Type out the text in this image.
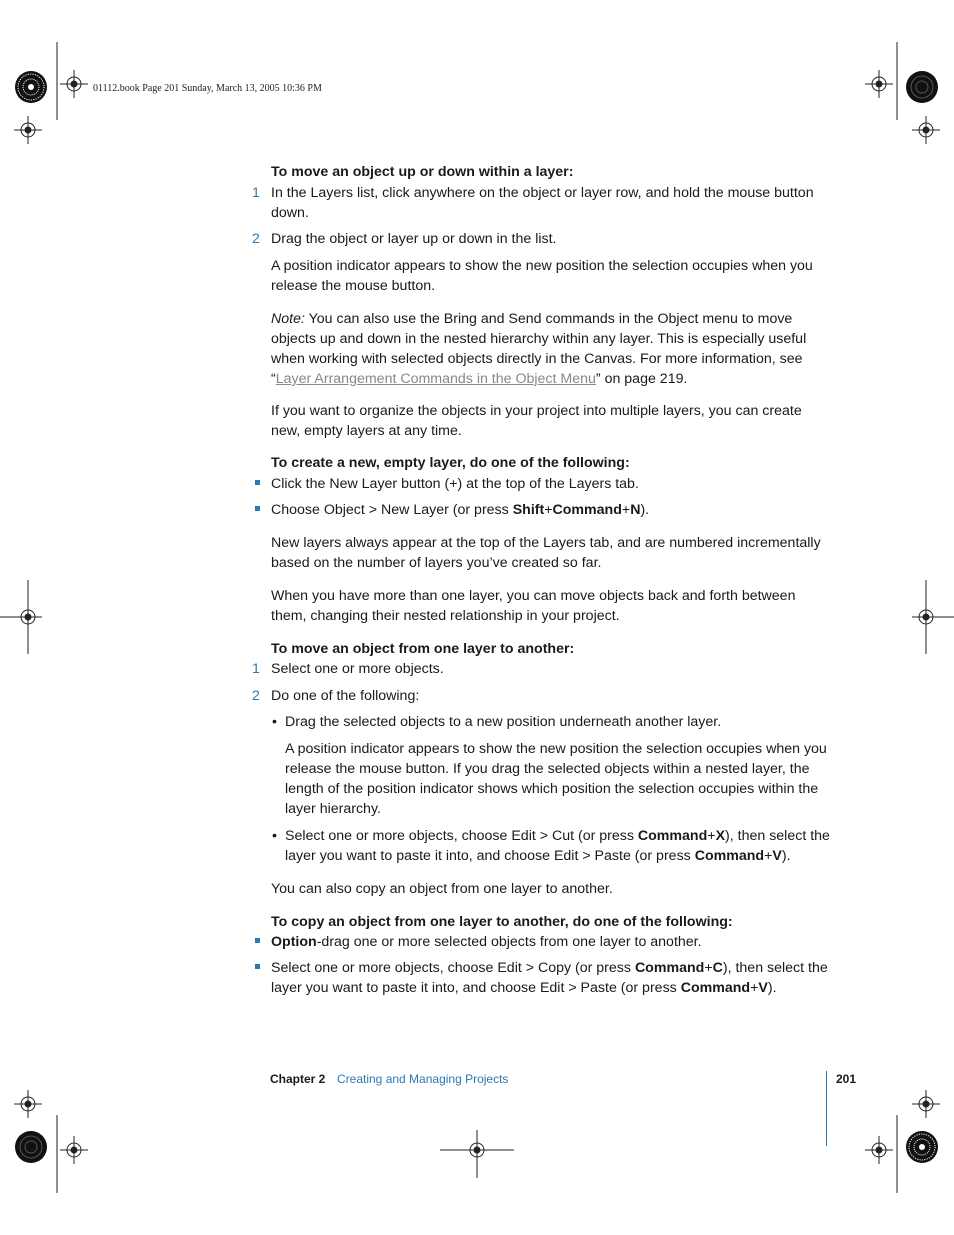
01112.book Page 201 Sunday, March 13, 2005 10:36 PM

To move an object up or down within a layer:

1 In the Layers list, click anywhere on the object or layer row, and hold the mouse button down.
2 Drag the object or layer up or down in the list.

A position indicator appears to show the new position the selection occupies when you release the mouse button.

Note: You can also use the Bring and Send commands in the Object menu to move objects up and down in the nested hierarchy within any layer. This is especially useful when working with selected objects directly in the Canvas. For more information, see “Layer Arrangement Commands in the Object Menu” on page 219.

If you want to organize the objects in your project into multiple layers, you can create new, empty layers at any time.

To create a new, empty layer, do one of the following:

Click the New Layer button (+) at the top of the Layers tab.
Choose Object > New Layer (or press Shift+Command+N).

New layers always appear at the top of the Layers tab, and are numbered incrementally based on the number of layers you’ve created so far.

When you have more than one layer, you can move objects back and forth between them, changing their nested relationship in your project.

To move an object from one layer to another:

1 Select one or more objects.
2 Do one of the following:
• Drag the selected objects to a new position underneath another layer.

A position indicator appears to show the new position the selection occupies when you release the mouse button. If you drag the selected objects within a nested layer, the length of the position indicator shows which position the selection occupies within the layer hierarchy.

• Select one or more objects, choose Edit > Cut (or press Command+X), then select the layer you want to paste it into, and choose Edit > Paste (or press Command+V).

You can also copy an object from one layer to another.

To copy an object from one layer to another, do one of the following:

Option-drag one or more selected objects from one layer to another.
Select one or more objects, choose Edit > Copy (or press Command+C), then select the layer you want to paste it into, and choose Edit > Paste (or press Command+V).
Chapter 2 Creating and Managing Projects	201
